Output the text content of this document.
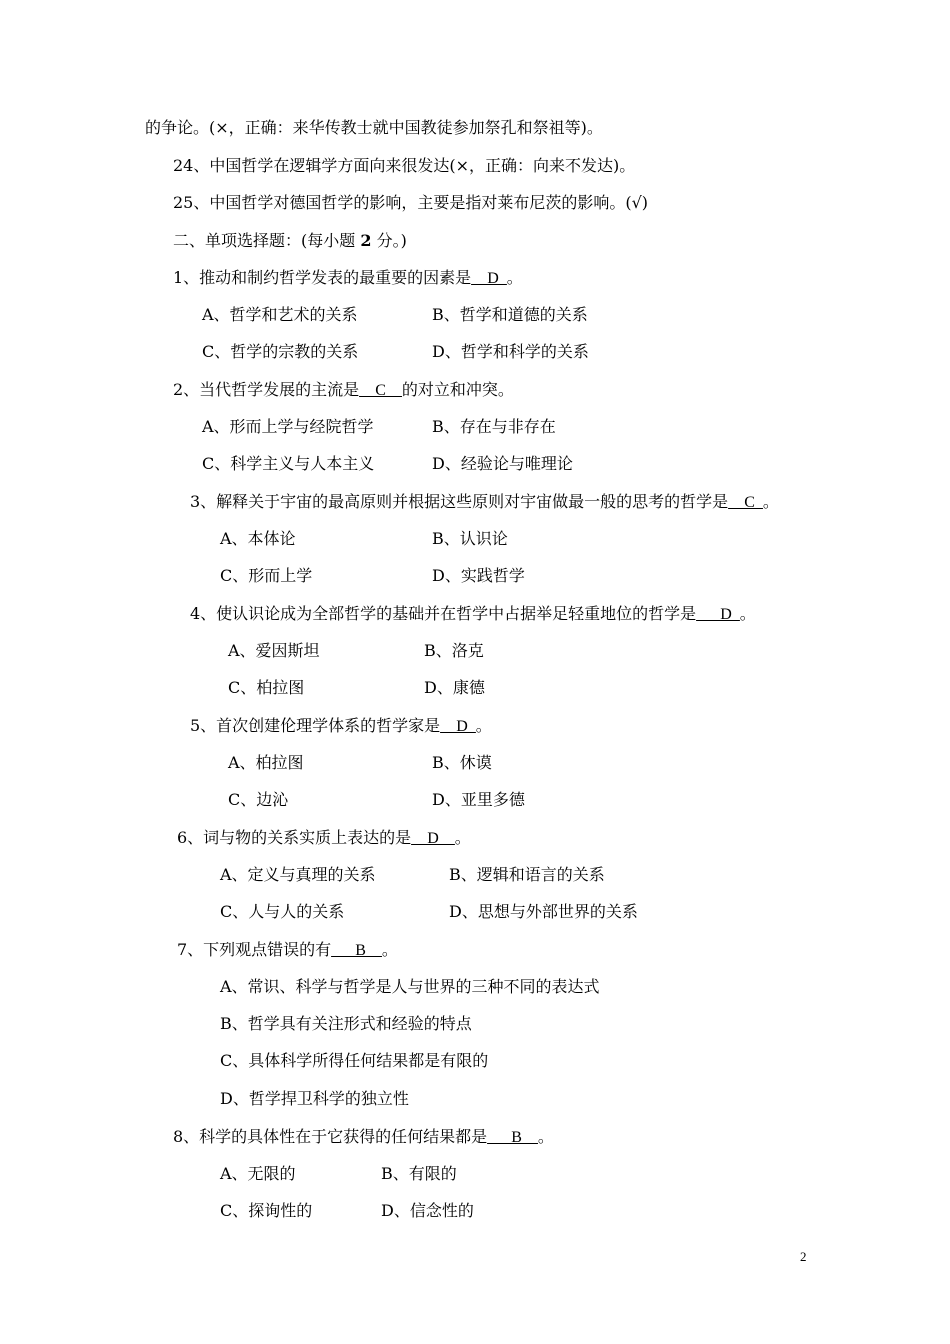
的争论。(×，正确：来华传教士就中国教徒参加祭孔和祭祖等)。
24、中国哲学在逻辑学方面向来很发达(×，正确：向来不发达)。
25、中国哲学对德国哲学的影响，主要是指对莱布尼茨的影响。(√)
二、单项选择题：(每小题 2 分。)
1、推动和制约哲学发表的最重要的因素是__D_。
A、哲学和艺术的关系	B、哲学和道德的关系
C、哲学的宗教的关系	D、哲学和科学的关系
2、当代哲学发展的主流是__C__的对立和冲突。
A、形而上学与经院哲学	B、存在与非存在
C、科学主义与人本主义	D、经验论与唯理论
3、解释关于宇宙的最高原则并根据这些原则对宇宙做最一般的思考的哲学是__C_。
A、本体论	B、认识论
C、形而上学	D、实践哲学
4、使认识论成为全部哲学的基础并在哲学中占据举足轻重地位的哲学是___D_。
A、爱因斯坦	B、洛克
C、柏拉图	D、康德
5、首次创建伦理学体系的哲学家是__D_。
A、柏拉图	B、休谟
C、边沁	D、亚里多德
6、词与物的关系实质上表达的是__D__。
A、定义与真理的关系	B、逻辑和语言的关系
C、人与人的关系	D、思想与外部世界的关系
7、下列观点错误的有___B__。
A、常识、科学与哲学是人与世界的三种不同的表达式
B、哲学具有关注形式和经验的特点
C、具体科学所得任何结果都是有限的
D、哲学捍卫科学的独立性
8、科学的具体性在于它获得的任何结果都是___B__。
A、无限的	B、有限的
C、探询性的	D、信念性的
2
